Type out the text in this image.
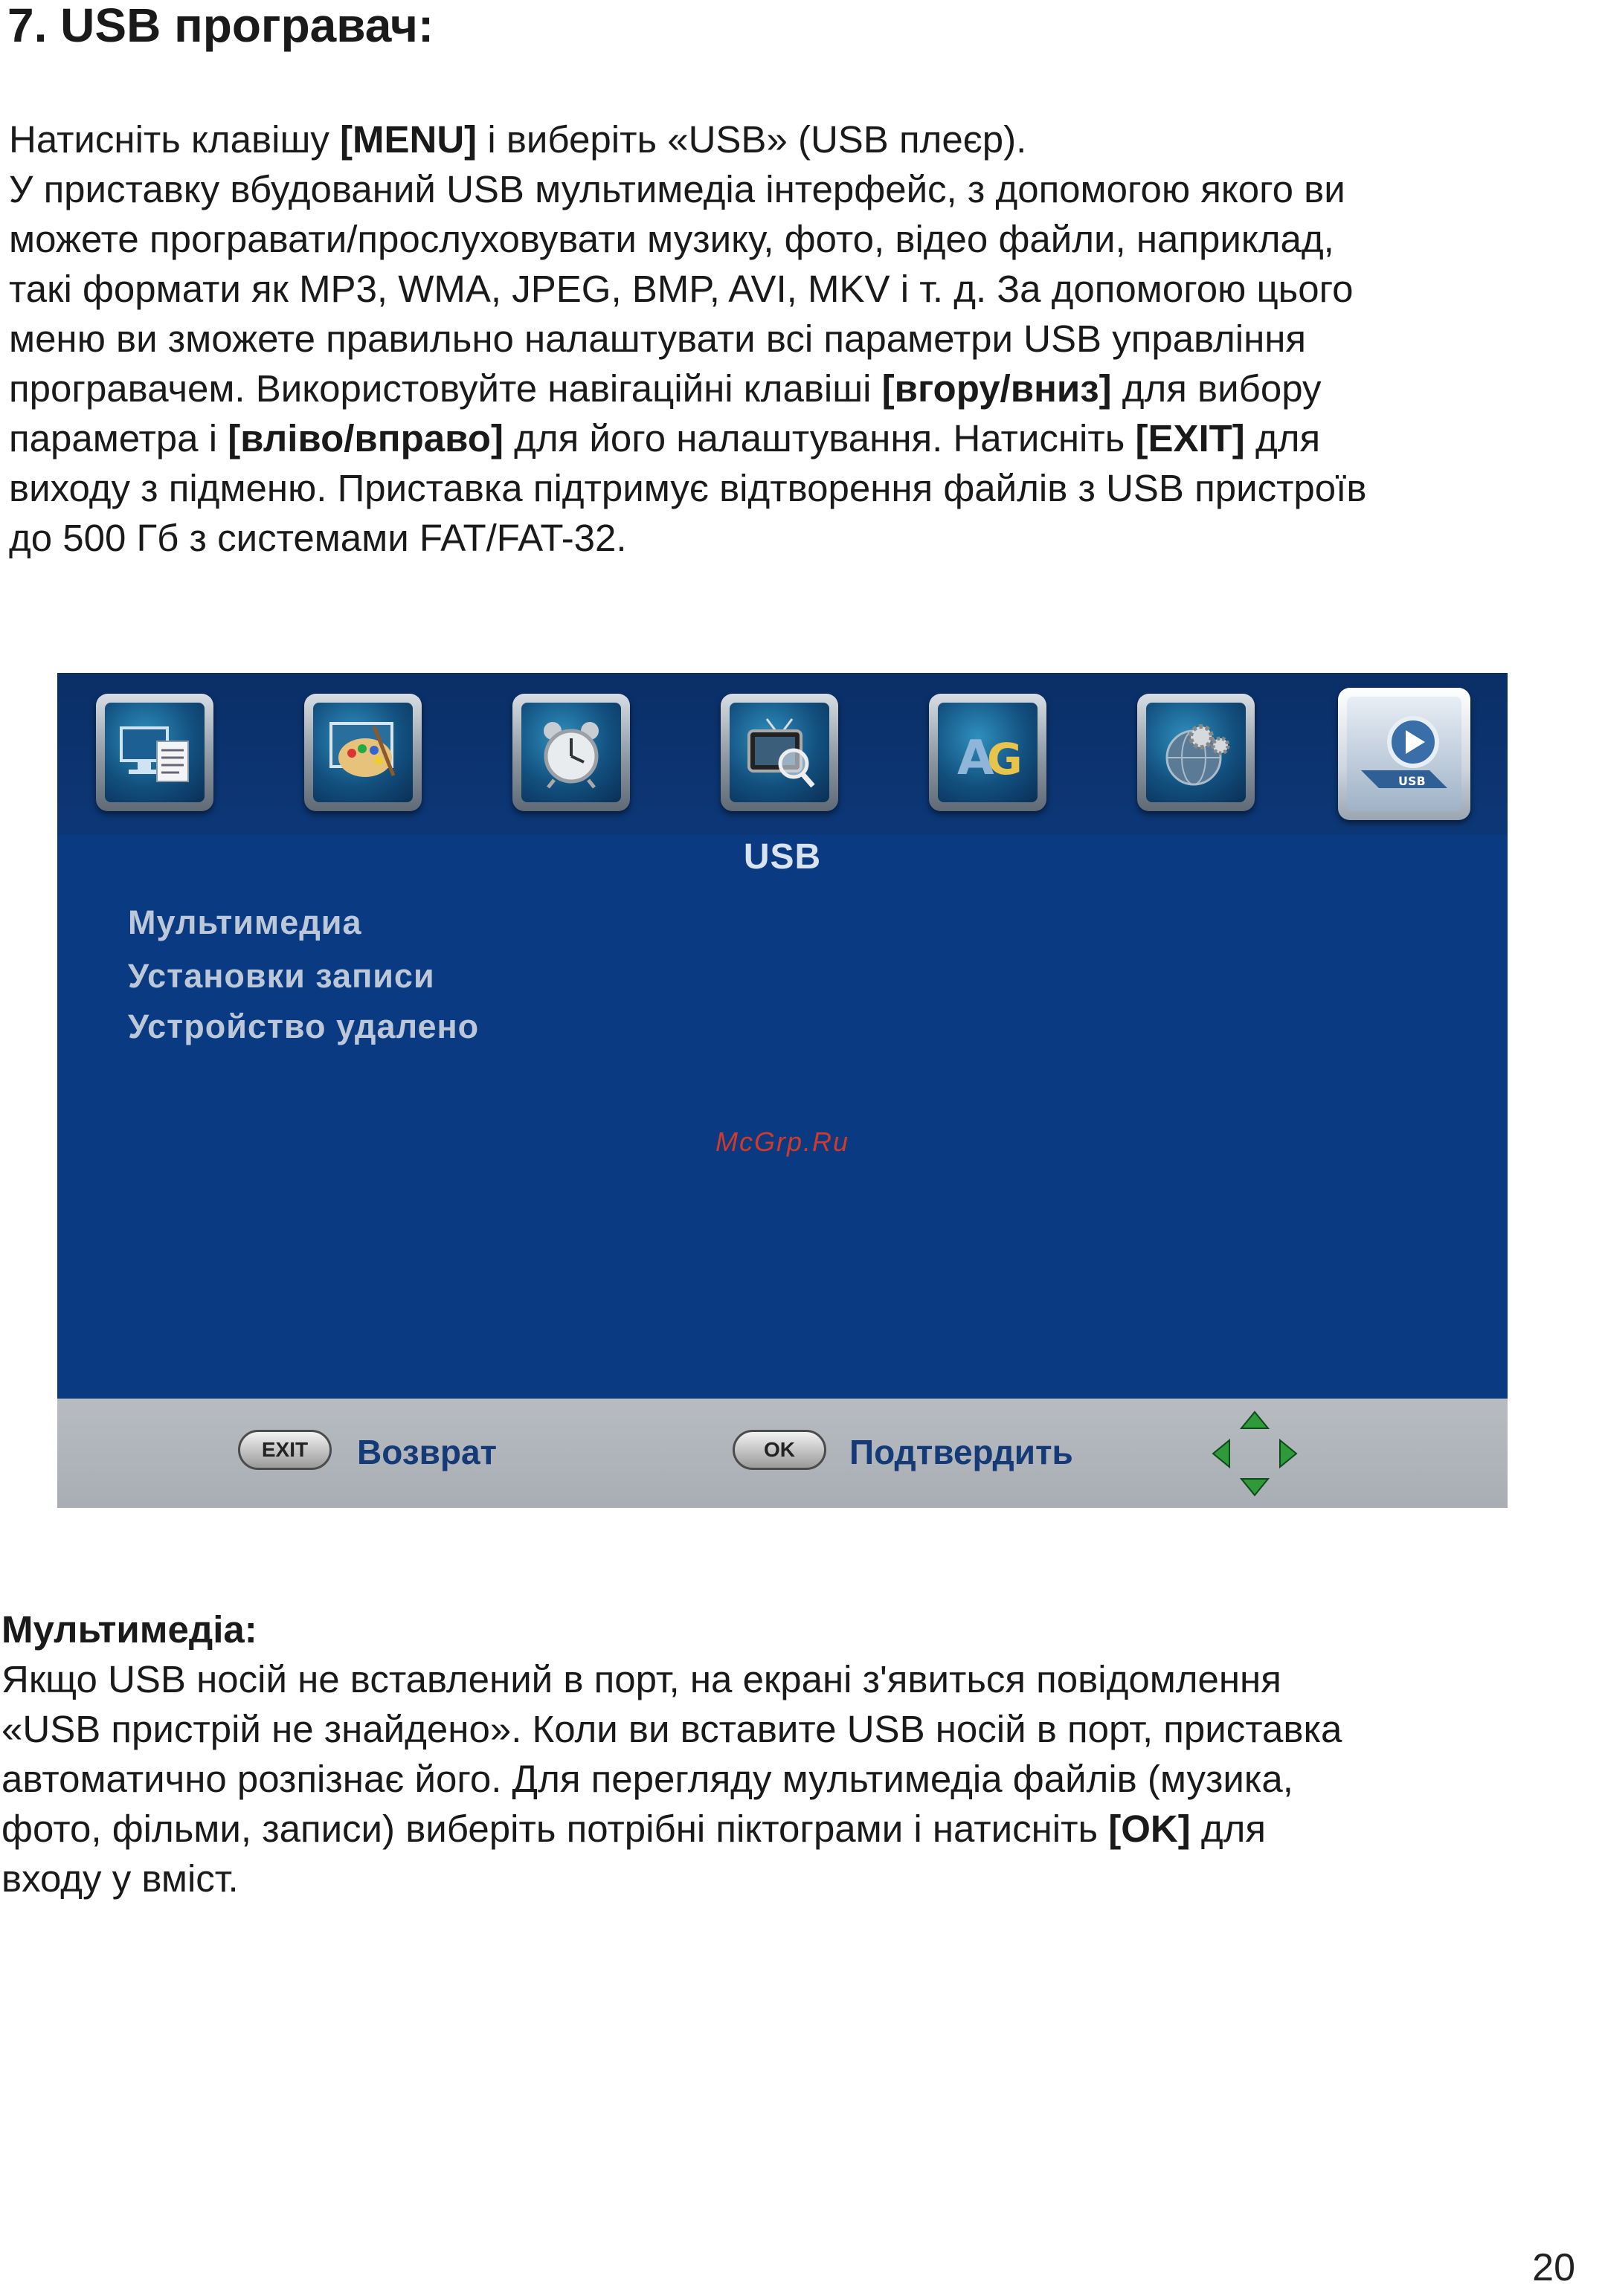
7. USB програвач:
Натисніть клавішу [MENU] і виберіть «USB» (USB плеєр).
У приставку вбудований USB мультимедіа інтерфейс, з допомогою якого ви
можете програвати/прослуховувати музику, фото, відео файли, наприклад,
такі формати як MP3, WMA, JPEG, BMP, AVI, MKV і т. д. За допомогою цього
меню ви зможете правильно налаштувати всі параметри USB управління
програвачем. Використовуйте навігаційні клавіші [вгору/вниз] для вибору
параметра і [вліво/вправо] для його налаштування. Натисніть [EXIT] для
виходу з підменю. Приставка підтримує відтворення файлів з USB пристроїв
до 500 Гб з системами FAT/FAT-32.
A
G	USB
USB
Мультимедиа
Установки записи
Устройство удалено
McGrp.Ru
EXIT	Возврат	OK	Подтвердить
Мультимедіа:
Якщо USB носій не вставлений в порт, на екрані з'явиться повідомлення
«USB пристрій не знайдено». Коли ви вставите USB носій в порт, приставка
автоматично розпізнає його. Для перегляду мультимедіа файлів (музика,
фото, фільми, записи) виберіть потрібні піктограми і натисніть [OK] для
входу у вміст.
20
